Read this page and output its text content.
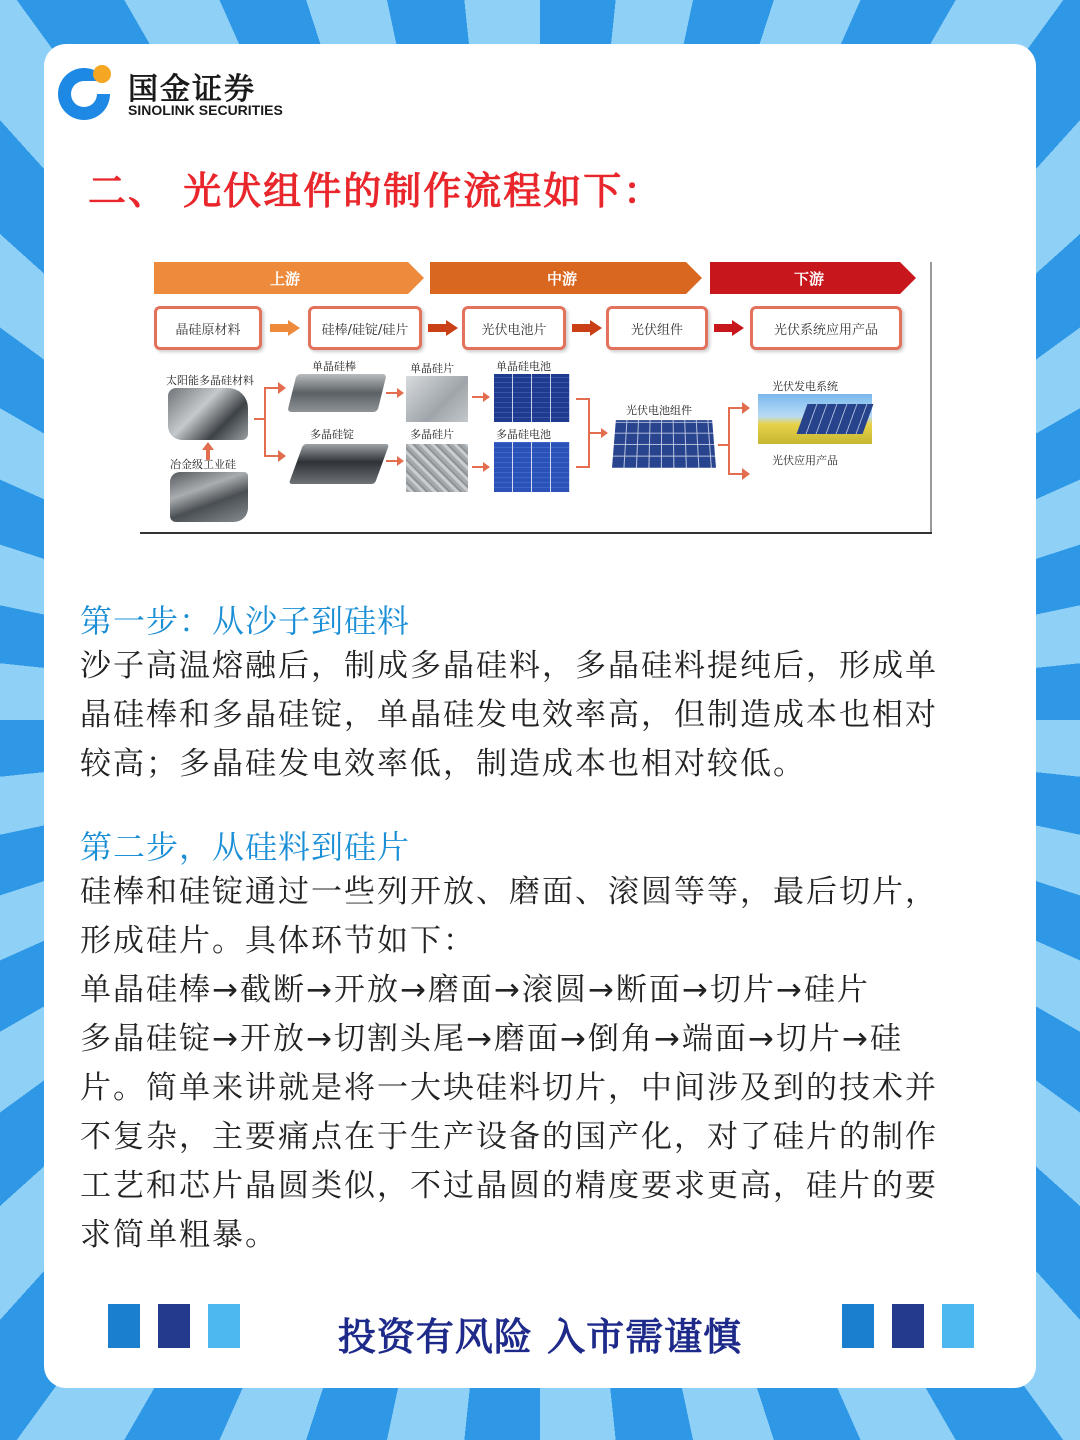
国金证券
SINOLINK SECURITIES
二、 光伏组件的制作流程如下：
上游	中游	下游
晶硅原材料	硅棒/硅锭/硅片	光伏电池片	光伏组件	光伏系统应用产品
太阳能多晶硅材料
冶金级工业硅
单晶硅棒
多晶硅锭
单晶硅片
多晶硅片
单晶硅电池
多晶硅电池
光伏电池组件
光伏发电系统
光伏应用产品
第一步：从沙子到硅料
沙子高温熔融后，制成多晶硅料，多晶硅料提纯后，形成单
晶硅棒和多晶硅锭，单晶硅发电效率高，但制造成本也相对
较高；多晶硅发电效率低，制造成本也相对较低。
第二步，从硅料到硅片
硅棒和硅锭通过一些列开放、磨面、滚圆等等，最后切片，
形成硅片。具体环节如下：
单晶硅棒→截断→开放→磨面→滚圆→断面→切片→硅片
多晶硅锭→开放→切割头尾→磨面→倒角→端面→切片→硅
片。简单来讲就是将一大块硅料切片，中间涉及到的技术并
不复杂，主要痛点在于生产设备的国产化，对了硅片的制作
工艺和芯片晶圆类似，不过晶圆的精度要求更高，硅片的要
求简单粗暴。
投资有风险 入市需谨慎
